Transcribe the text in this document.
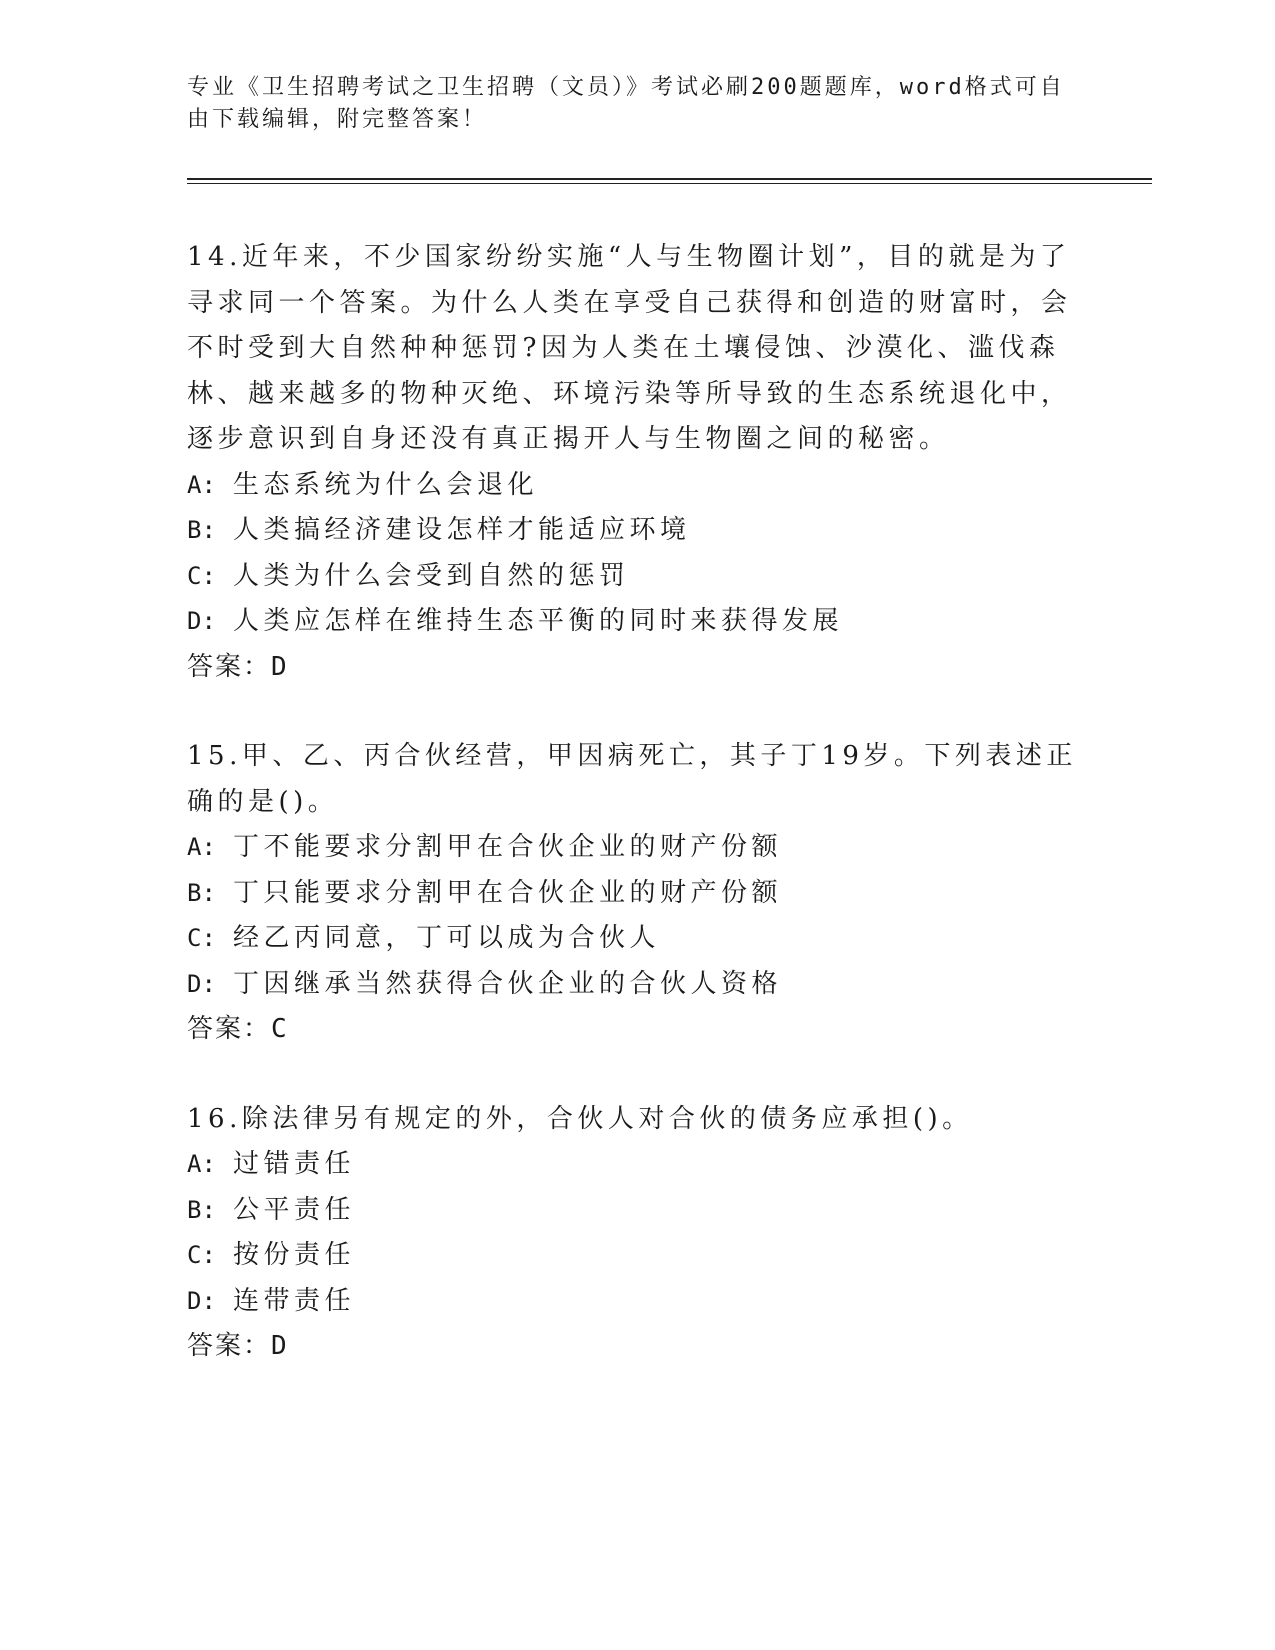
专业《卫生招聘考试之卫生招聘（文员）》考试必刷200题题库，word格式可自由下载编辑，附完整答案！

14.近年来，不少国家纷纷实施“人与生物圈计划”，目的就是为了寻求同一个答案。为什么人类在享受自己获得和创造的财富时，会不时受到大自然种种惩罚?因为人类在土壤侵蚀、沙漠化、滥伐森林、越来越多的物种灭绝、环境污染等所导致的生态系统退化中，逐步意识到自身还没有真正揭开人与生物圈之间的秘密。

A: 生态系统为什么会退化

B: 人类搞经济建设怎样才能适应环境

C: 人类为什么会受到自然的惩罚

D: 人类应怎样在维持生态平衡的同时来获得发展

答案：D

15.甲、乙、丙合伙经营，甲因病死亡，其子丁19岁。下列表述正确的是()。

A: 丁不能要求分割甲在合伙企业的财产份额

B: 丁只能要求分割甲在合伙企业的财产份额

C: 经乙丙同意，丁可以成为合伙人

D: 丁因继承当然获得合伙企业的合伙人资格

答案：C

16.除法律另有规定的外，合伙人对合伙的债务应承担()。

A: 过错责任

B: 公平责任

C: 按份责任

D: 连带责任

答案：D
